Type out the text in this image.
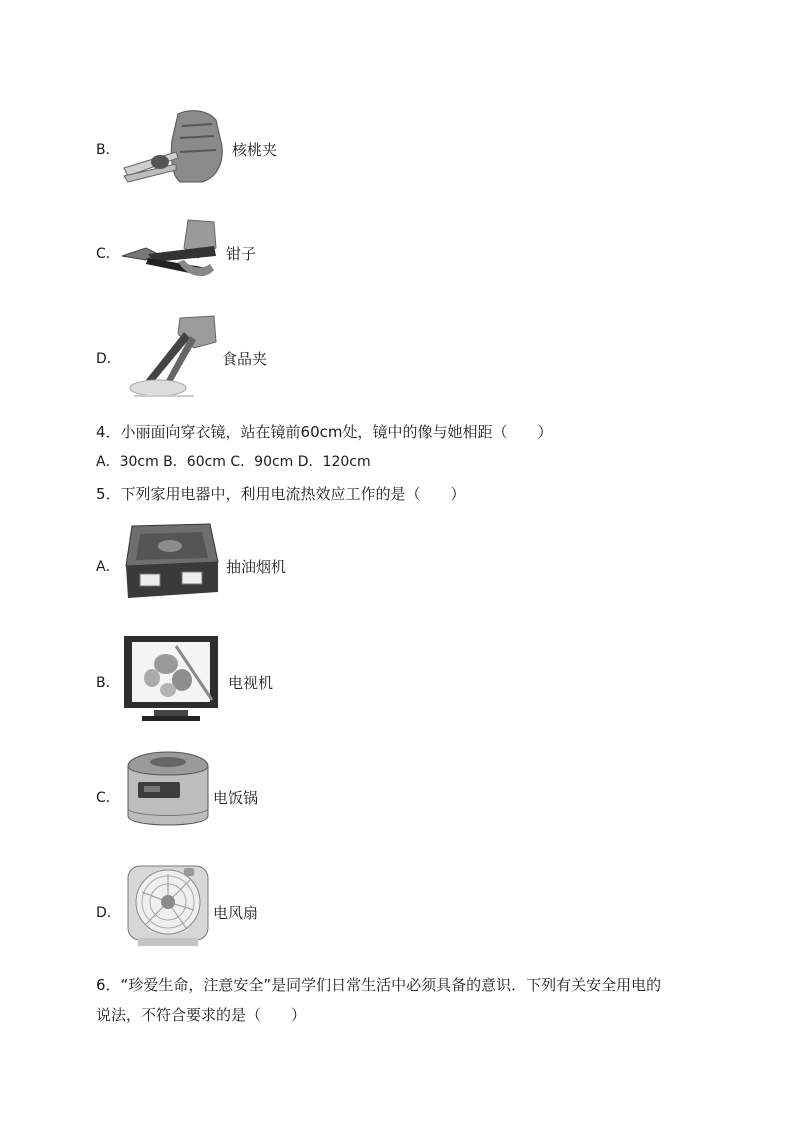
B．	核桃夹
C．	钳子
D．	食品夹
4．小丽面向穿衣镜，站在镜前60cm处，镜中的像与她相距（　　）
A．30cm B．60cm C．90cm D．120cm
5．下列家用电器中，利用电流热效应工作的是（　　）
A．	抽油烟机
B．	电视机
C．	电饭锅
D．	电风扇
6．“珍爱生命，注意安全”是同学们日常生活中必须具备的意识．下列有关安全用电的
说法，不符合要求的是（　　）
